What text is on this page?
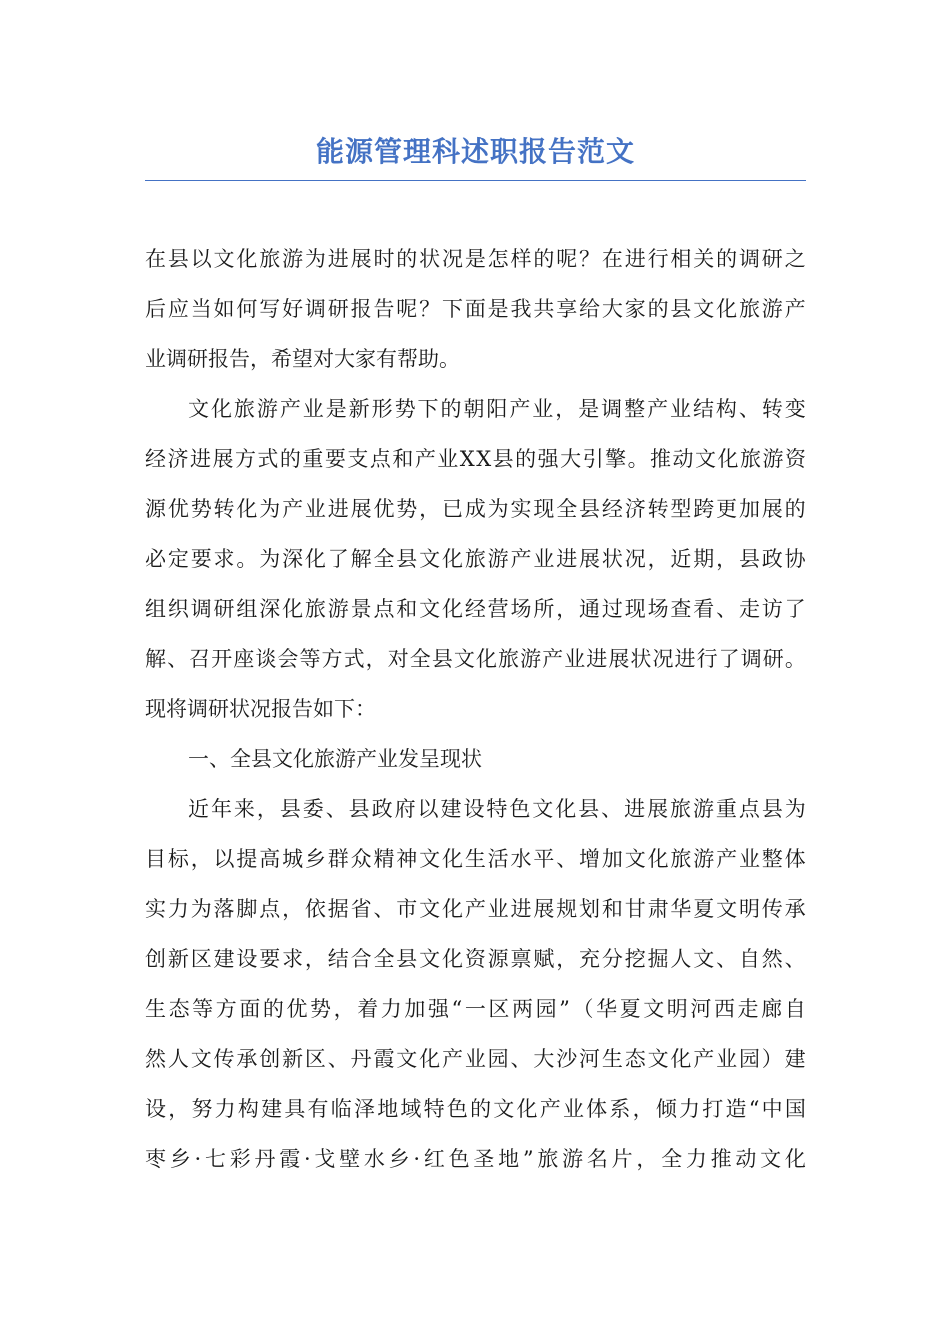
能源管理科述职报告范文

在 县 以 文 化 旅 游 为 进 展 时 的 状 况 是 怎 样 的 呢 ？ 在 进 行 相 关 的 调 研 之

后 应 当 如 何 写 好 调 研 报 告 呢 ？ 下 面 是 我 共 享 给 大 家 的 县 文 化 旅 游 产

业调研报告，希望对大家有帮助。

文 化 旅 游 产 业 是 新 形 势 下 的 朝 阳 产 业 ， 是 调 整 产 业 结 构 、 转 变

经 济 进 展 方 式 的 重 要 支 点 和 产 业 X X 县 的 强 大 引 擎 。 推 动 文 化 旅 游 资

源 优 势 转 化 为 产 业 进 展 优 势 ， 已 成 为 实 现 全 县 经 济 转 型 跨 更 加 展 的

必 定 要 求 。 为 深 化 了 解 全 县 文 化 旅 游 产 业 进 展 状 况 ， 近 期 ， 县 政 协

组 织 调 研 组 深 化 旅 游 景 点 和 文 化 经 营 场 所 ， 通 过 现 场 查 看 、 走 访 了

解 、 召 开 座 谈 会 等 方 式 ， 对 全 县 文 化 旅 游 产 业 进 展 状 况 进 行 了 调 研 。

现将调研状况报告如下：

一、全县文化旅游产业发呈现状

近 年 来 ， 县 委 、 县 政 府 以 建 设 特 色 文 化 县 、 进 展 旅 游 重 点 县 为

目 标 ， 以 提 高 城 乡 群 众 精 神 文 化 生 活 水 平 、 增 加 文 化 旅 游 产 业 整 体

实 力 为 落 脚 点 ， 依 据 省 、 市 文 化 产 业 进 展 规 划 和 甘 肃 华 夏 文 明 传 承

创 新 区 建 设 要 求 ， 结 合 全 县 文 化 资 源 禀 赋 ， 充 分 挖 掘 人 文 、 自 然 、

生 态 等 方 面 的 优 势 ， 着 力 加 强 “ 一 区 两 园 ” （ 华 夏 文 明 河 西 走 廊 自

然 人 文 传 承 创 新 区 、 丹 霞 文 化 产 业 园 、 大 沙 河 生 态 文 化 产 业 园 ） 建

设 ， 努 力 构 建 具 有 临 泽 地 域 特 色 的 文 化 产 业 体 系 ， 倾 力 打 造 “ 中 国

枣 乡 · 七 彩 丹 霞 · 戈 壁 水 乡 · 红 色 圣 地 ” 旅 游 名 片 ， 全 力 推 动 文 化
